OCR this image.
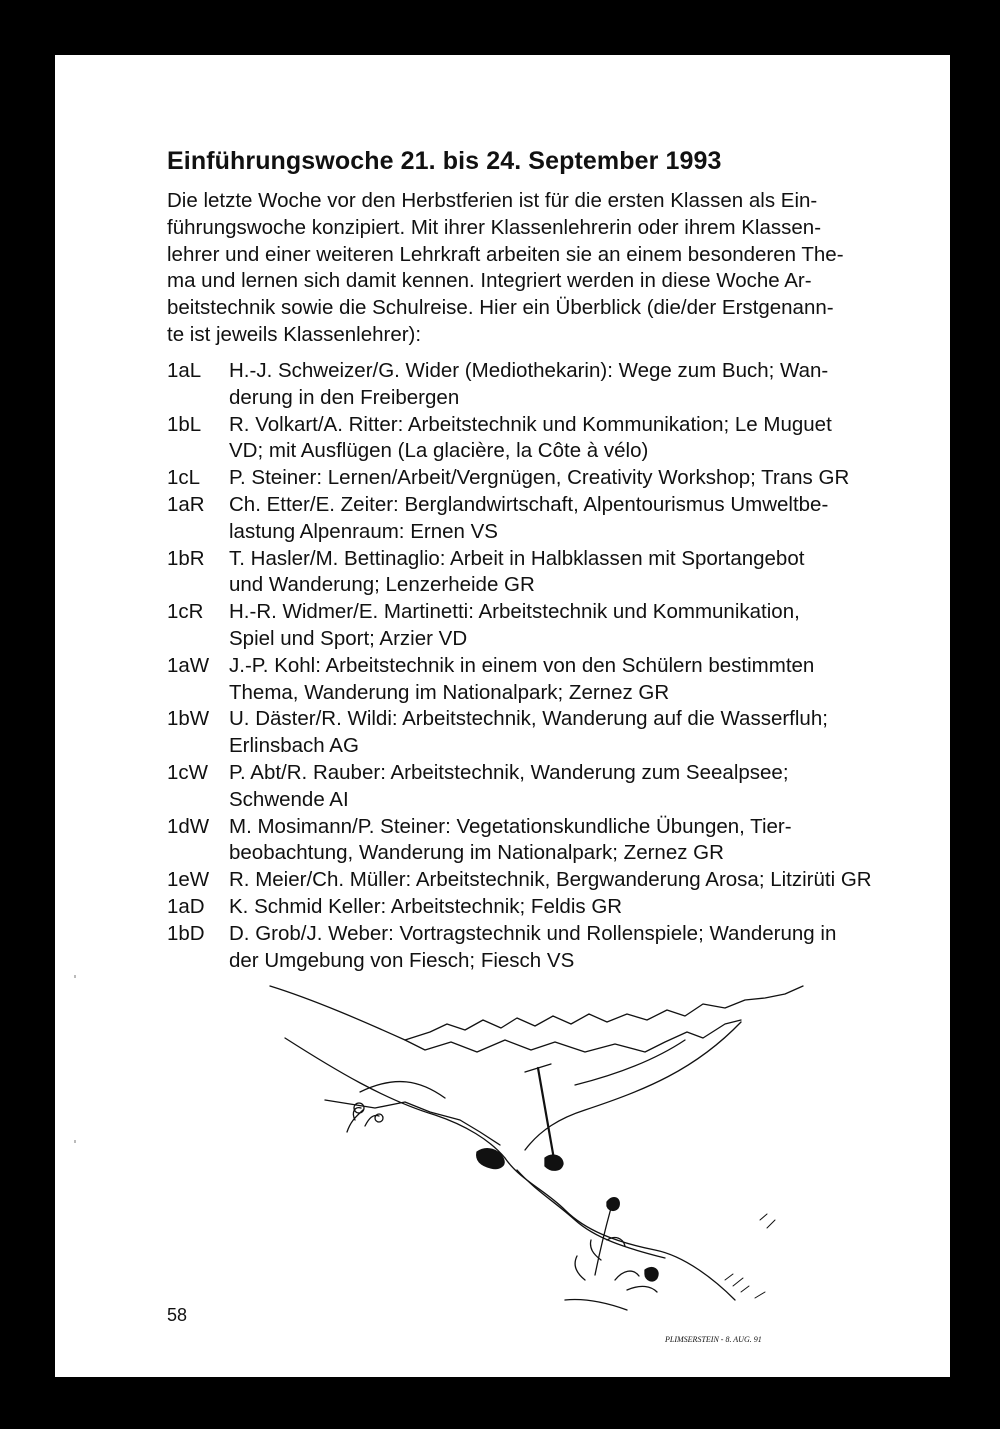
Einführungswoche 21. bis 24. September 1993

Die letzte Woche vor den Herbstferien ist für die ersten Klassen als Ein-
führungswoche konzipiert. Mit ihrer Klassenlehrerin oder ihrem Klassen-
lehrer und einer weiteren Lehrkraft arbeiten sie an einem besonderen The-
ma und lernen sich damit kennen. Integriert werden in diese Woche Ar-
beitstechnik sowie die Schulreise. Hier ein Überblick (die/der Erstgenann-
te ist jeweils Klassenlehrer):

1aL	H.-J. Schweizer/G. Wider (Mediothekarin): Wege zum Buch; Wan-
derung in den Freibergen
1bL	R. Volkart/A. Ritter: Arbeitstechnik und Kommunikation; Le Muguet
VD; mit Ausflügen (La glacière, la Côte à vélo)
1cL	P. Steiner: Lernen/Arbeit/Vergnügen, Creativity Workshop; Trans GR
1aR	Ch. Etter/E. Zeiter: Berglandwirtschaft, Alpentourismus Umweltbe-
lastung Alpenraum: Ernen VS
1bR	T. Hasler/M. Bettinaglio: Arbeit in Halbklassen mit Sportangebot
und Wanderung; Lenzerheide GR
1cR	H.-R. Widmer/E. Martinetti: Arbeitstechnik und Kommunikation,
Spiel und Sport; Arzier VD
1aW J.-P. Kohl: Arbeitstechnik in einem von den Schülern bestimmten
Thema, Wanderung im Nationalpark; Zernez GR
1bW U. Däster/R. Wildi: Arbeitstechnik, Wanderung auf die Wasserfluh;
Erlinsbach AG
1cW	P. Abt/R. Rauber: Arbeitstechnik, Wanderung zum Seealpsee;
Schwende AI
1dW M. Mosimann/P. Steiner: Vegetationskundliche Übungen, Tier-
beobachtung, Wanderung im Nationalpark; Zernez GR
1eW R. Meier/Ch. Müller: Arbeitstechnik, Bergwanderung Arosa; Litzirüti GR
1aD	K. Schmid Keller: Arbeitstechnik; Feldis GR
1bD	D. Grob/J. Weber: Vortragstechnik und Rollenspiele; Wanderung in
der Umgebung von Fiesch; Fiesch VS
PLIMSERSTEIN - 8. AUG. 91
58
